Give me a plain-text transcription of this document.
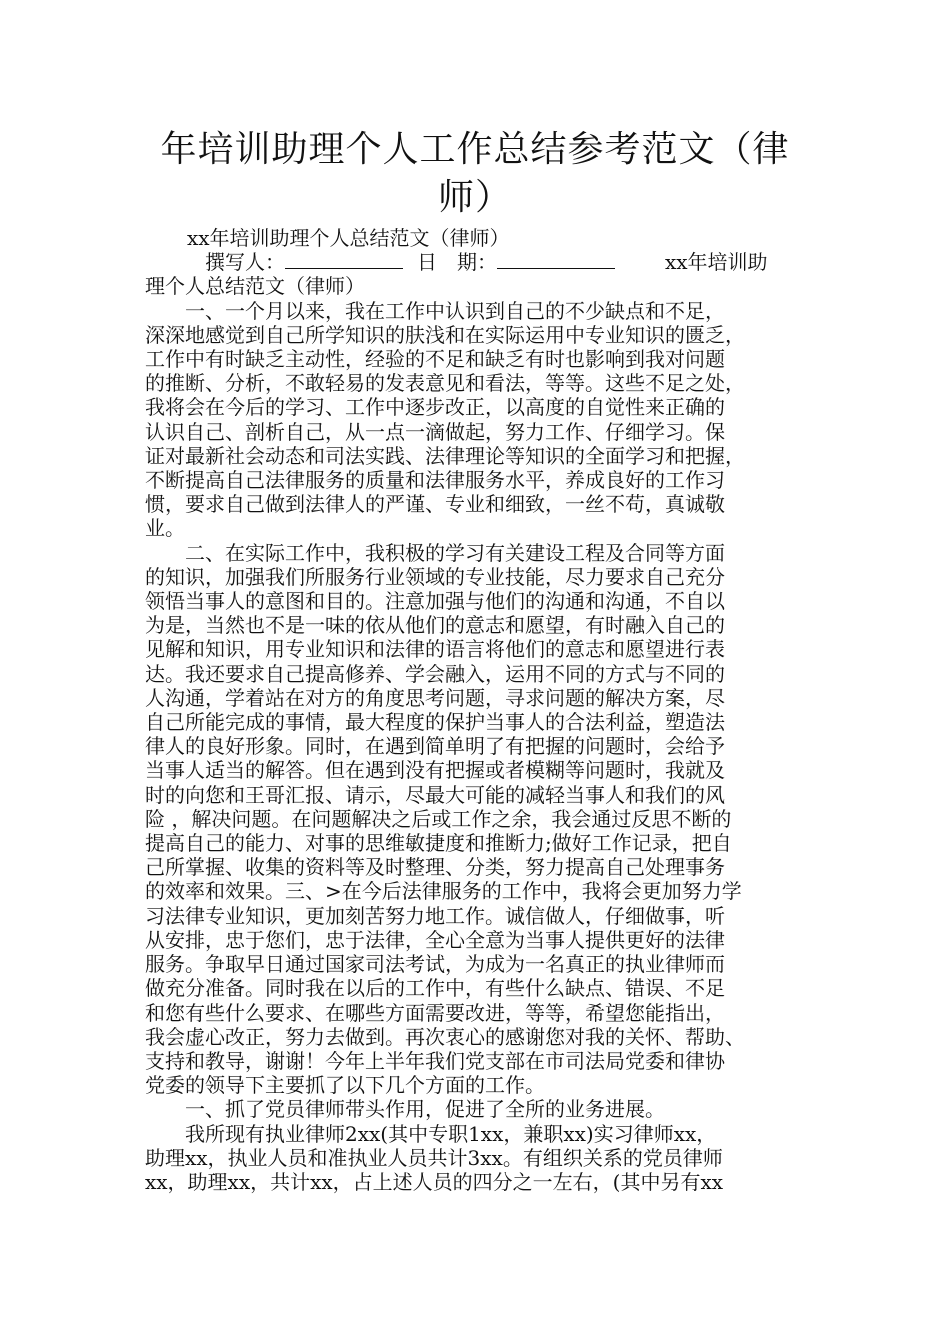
年培训助理个人工作总结参考范文（律
师）
xx年培训助理个人总结范文（律师）
撰写人：	日　期：	xx年培训助
理个人总结范文（律师）
　　一、一个月以来，我在工作中认识到自己的不少缺点和不足，
深深地感觉到自己所学知识的肤浅和在实际运用中专业知识的匮乏，
工作中有时缺乏主动性，经验的不足和缺乏有时也影响到我对问题
的推断、分析，不敢轻易的发表意见和看法，等等。这些不足之处，
我将会在今后的学习、工作中逐步改正，以高度的自觉性来正确的
认识自己、剖析自己，从一点一滴做起，努力工作、仔细学习。保
证对最新社会动态和司法实践、法律理论等知识的全面学习和把握，
不断提高自己法律服务的质量和法律服务水平，养成良好的工作习
惯，要求自己做到法律人的严谨、专业和细致，一丝不苟，真诚敬
业。
　　二、在实际工作中，我积极的学习有关建设工程及合同等方面
的知识，加强我们所服务行业领域的专业技能，尽力要求自己充分
领悟当事人的意图和目的。注意加强与他们的沟通和沟通，不自以
为是，当然也不是一味的依从他们的意志和愿望，有时融入自己的
见解和知识，用专业知识和法律的语言将他们的意志和愿望进行表
达。我还要求自己提高修养、学会融入，运用不同的方式与不同的
人沟通，学着站在对方的角度思考问题，寻求问题的解决方案，尽
自己所能完成的事情，最大程度的保护当事人的合法利益，塑造法
律人的良好形象。同时，在遇到简单明了有把握的问题时，会给予
当事人适当的解答。但在遇到没有把握或者模糊等问题时，我就及
时的向您和王哥汇报、请示，尽最大可能的减轻当事人和我们的风
险 ，解决问题。在问题解决之后或工作之余，我会通过反思不断的
提高自己的能力、对事的思维敏捷度和推断力;做好工作记录，把自
己所掌握、收集的资料等及时整理、分类，努力提高自己处理事务
的效率和效果。三、>在今后法律服务的工作中，我将会更加努力学
习法律专业知识，更加刻苦努力地工作。诚信做人，仔细做事，听
从安排，忠于您们，忠于法律，全心全意为当事人提供更好的法律
服务。争取早日通过国家司法考试，为成为一名真正的执业律师而
做充分准备。同时我在以后的工作中，有些什么缺点、错误、不足
和您有些什么要求、在哪些方面需要改进，等等，希望您能指出，
我会虚心改正，努力去做到。再次衷心的感谢您对我的关怀、帮助、
支持和教导，谢谢！今年上半年我们党支部在市司法局党委和律协
党委的领导下主要抓了以下几个方面的工作。
　　一、抓了党员律师带头作用，促进了全所的业务进展。
　　我所现有执业律师2xx(其中专职1xx，兼职xx)实习律师xx，
助理xx，执业人员和准执业人员共计3xx。有组织关系的党员律师
xx，助理xx，共计xx，占上述人员的四分之一左右，(其中另有xx
